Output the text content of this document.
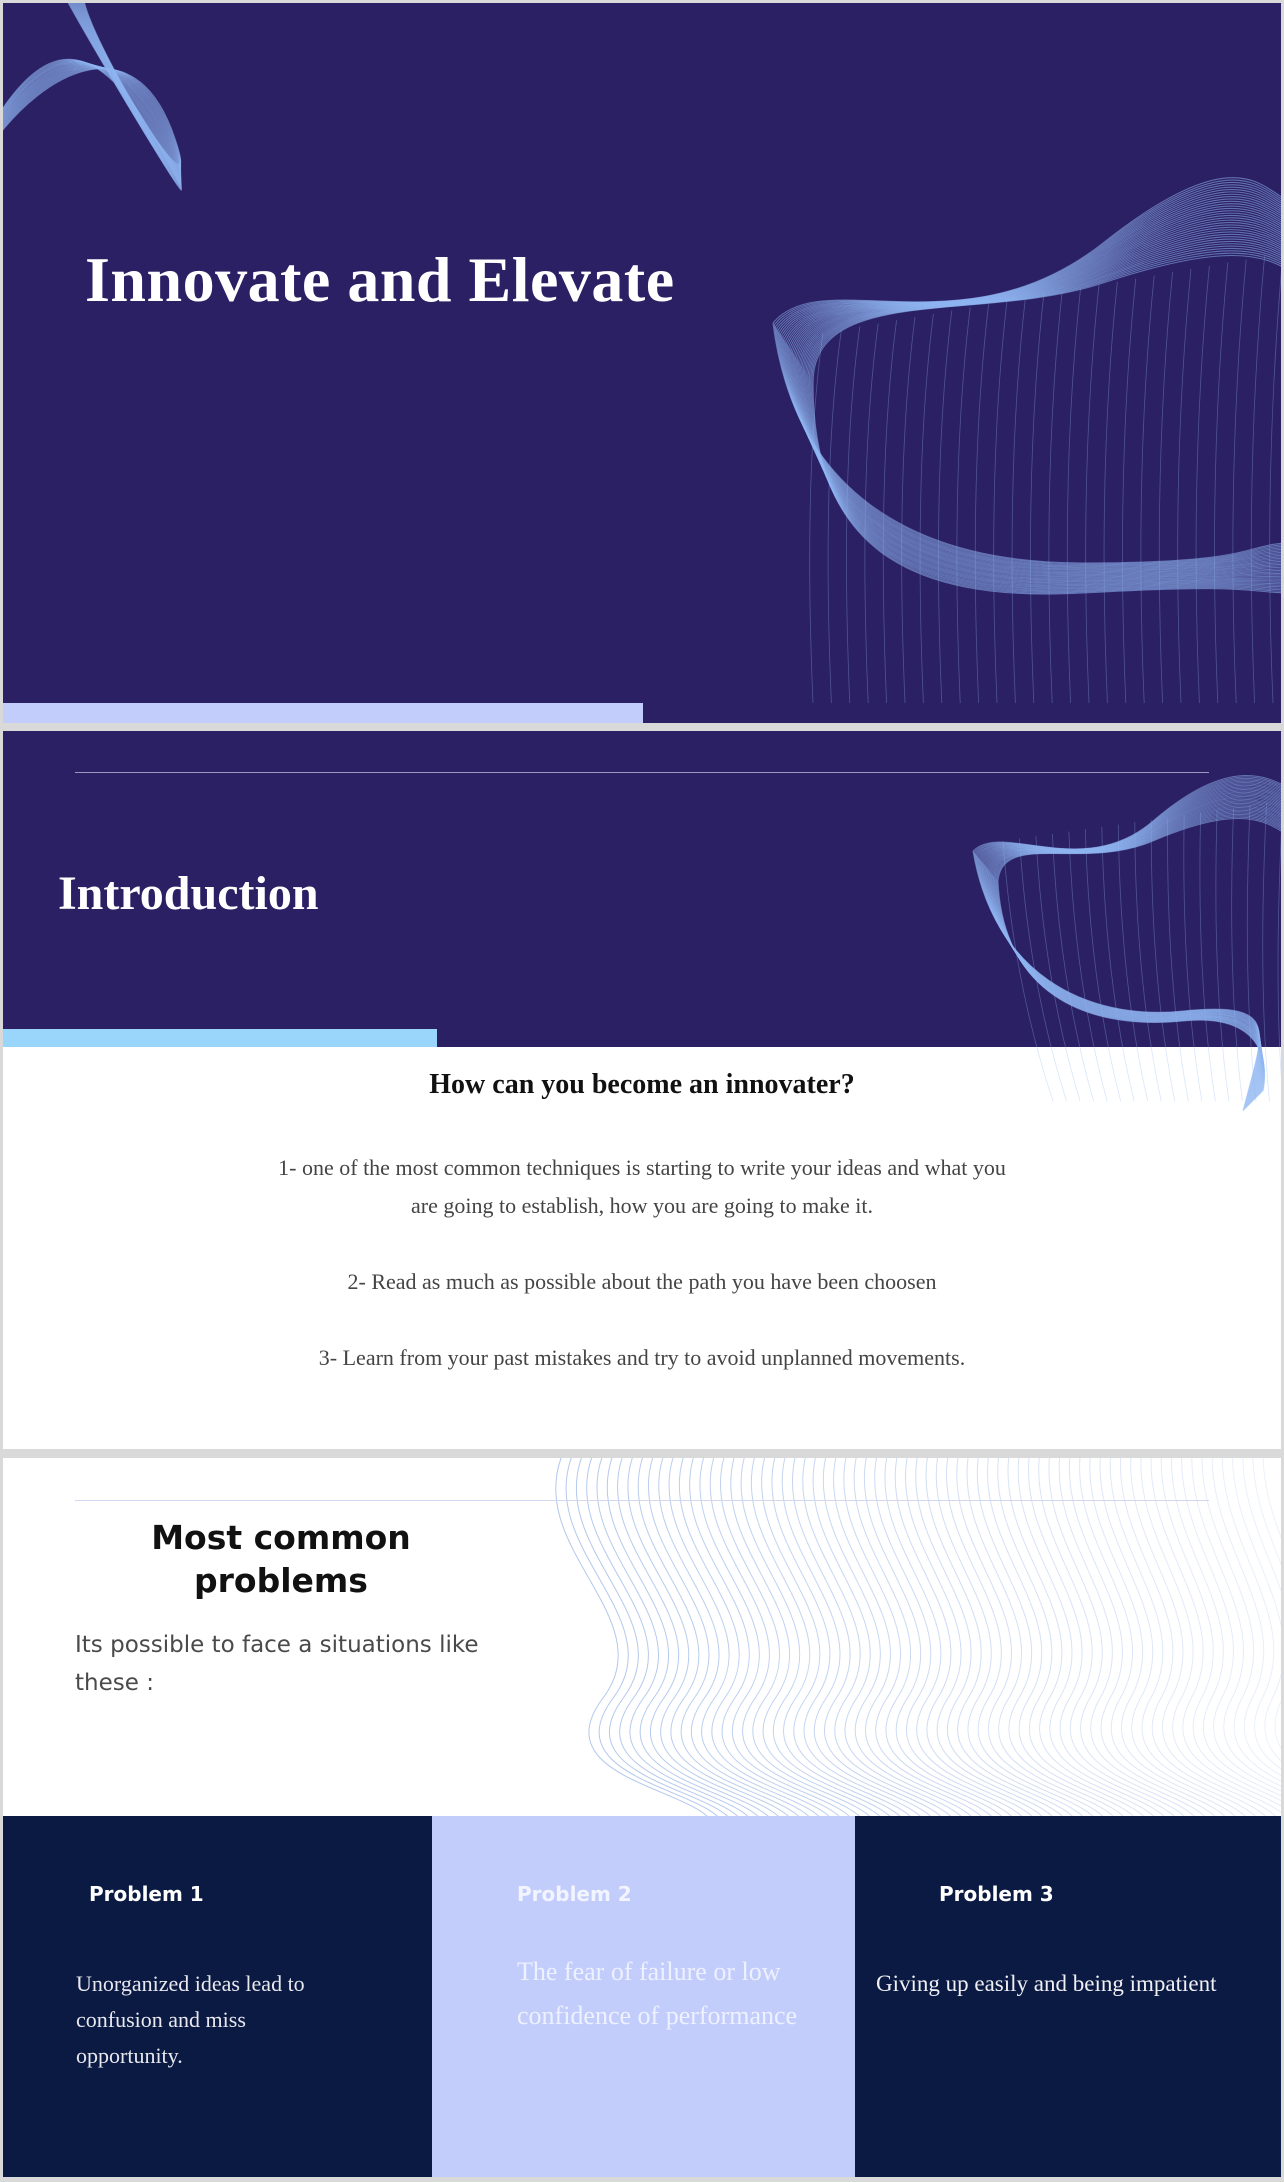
Innovate and Elevate
Introduction
How can you become an innovater?
1- one of the most common techniques is starting to write your ideas and what you are going to establish, how you are going to make it.
2- Read as much as possible about the path you have been choosen
3- Learn from your past mistakes and try to avoid unplanned movements.
Most common problems
Its possible to face a situations like these :
Problem 1
Unorganized ideas lead to confusion and miss opportunity.
Problem 2
The fear of failure or low confidence of performance
Problem 3
Giving up easily and being impatient
